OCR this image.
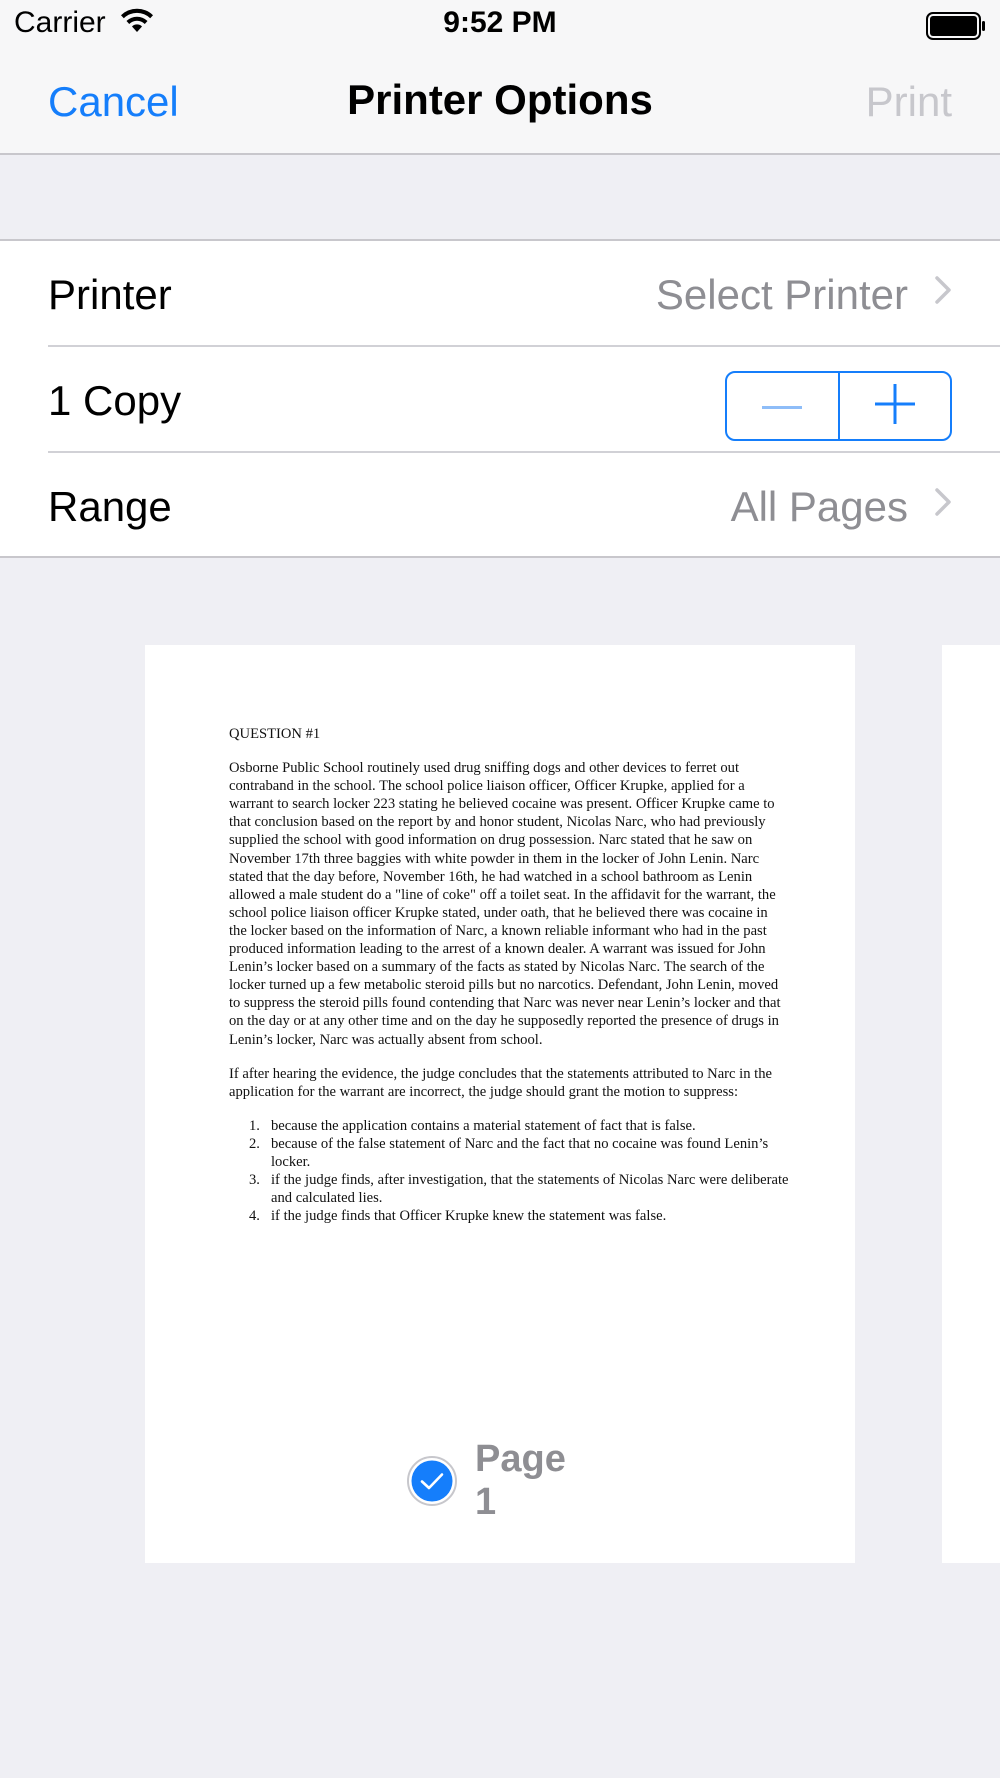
Carrier	9:52 PM
Cancel	Printer Options	Print
Printer	Select Printer
1 Copy
Range	All Pages
QUESTION #1

Osborne Public School routinely used drug sniffing dogs and other devices to ferret out contraband in the school. The school police liaison officer, Officer Krupke, applied for a warrant to search locker 223 stating he believed cocaine was present. Officer Krupke came to that conclusion based on the report by and honor student, Nicolas Narc, who had previously supplied the school with good information on drug possession. Narc stated that he saw on November 17th three baggies with white powder in them in the locker of John Lenin. Narc stated that the day before, November 16th, he had watched in a school bathroom as Lenin allowed a male student do a "line of coke" off a toilet seat. In the affidavit for the warrant, the school police liaison officer Krupke stated, under oath, that he believed there was cocaine in the locker based on the information of Narc, a known reliable informant who had in the past produced information leading to the arrest of a known dealer. A warrant was issued for John Lenin’s locker based on a summary of the facts as stated by Nicolas Narc. The search of the locker turned up a few metabolic steroid pills but no narcotics. Defendant, John Lenin, moved to suppress the steroid pills found contending that Narc was never near Lenin’s locker and that on the day or at any other time and on the day he supposedly reported the presence of drugs in Lenin’s locker, Narc was actually absent from school.

If after hearing the evidence, the judge concludes that the statements attributed to Narc in the application for the warrant are incorrect, the judge should grant the motion to suppress:

1. because the application contains a material statement of fact that is false.
2. because of the false statement of Narc and the fact that no cocaine was found Lenin’s locker.
3. if the judge finds, after investigation, that the statements of Nicolas Narc were deliberate and calculated lies.
4. if the judge finds that Officer Krupke knew the statement was false.
Page 1
